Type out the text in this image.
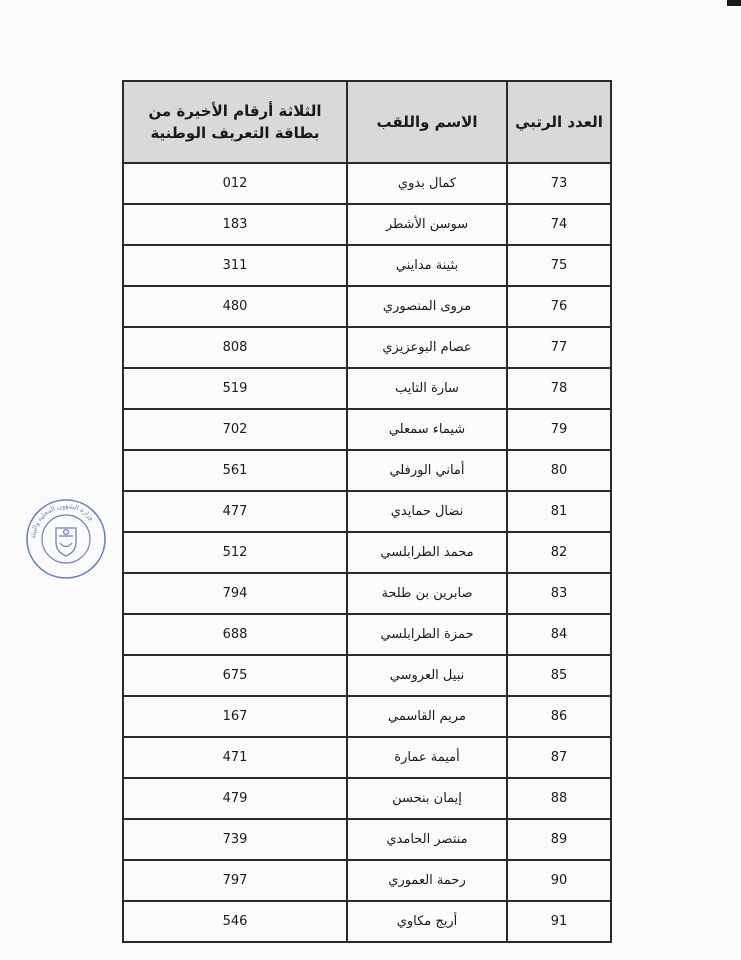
العدد الرتبي	الاسم واللقب	الثلاثة أرقام الأخيرة من بطاقة التعريف الوطنية
73	كمال بدوي	012
74	سوسن الأشطر	183
75	بثينة مدايني	311
76	مروى المنصوري	480
77	عصام البوعزيزي	808
78	سارة التايب	519
79	شيماء سمعلي	702
80	أماني الورفلي	561
81	نضال حمايدي	477
82	محمد الطرابلسي	512
83	صابرين بن طلحة	794
84	حمزة الطرابلسي	688
85	نبيل العروسي	675
86	مريم القاسمي	167
87	أميمة عمارة	471
88	إيمان بنحسن	479
89	منتصر الحامدي	739
90	رحمة العموري	797
91	أريج مكاوي	546
وزارة الشؤون المحلية والبيئة
